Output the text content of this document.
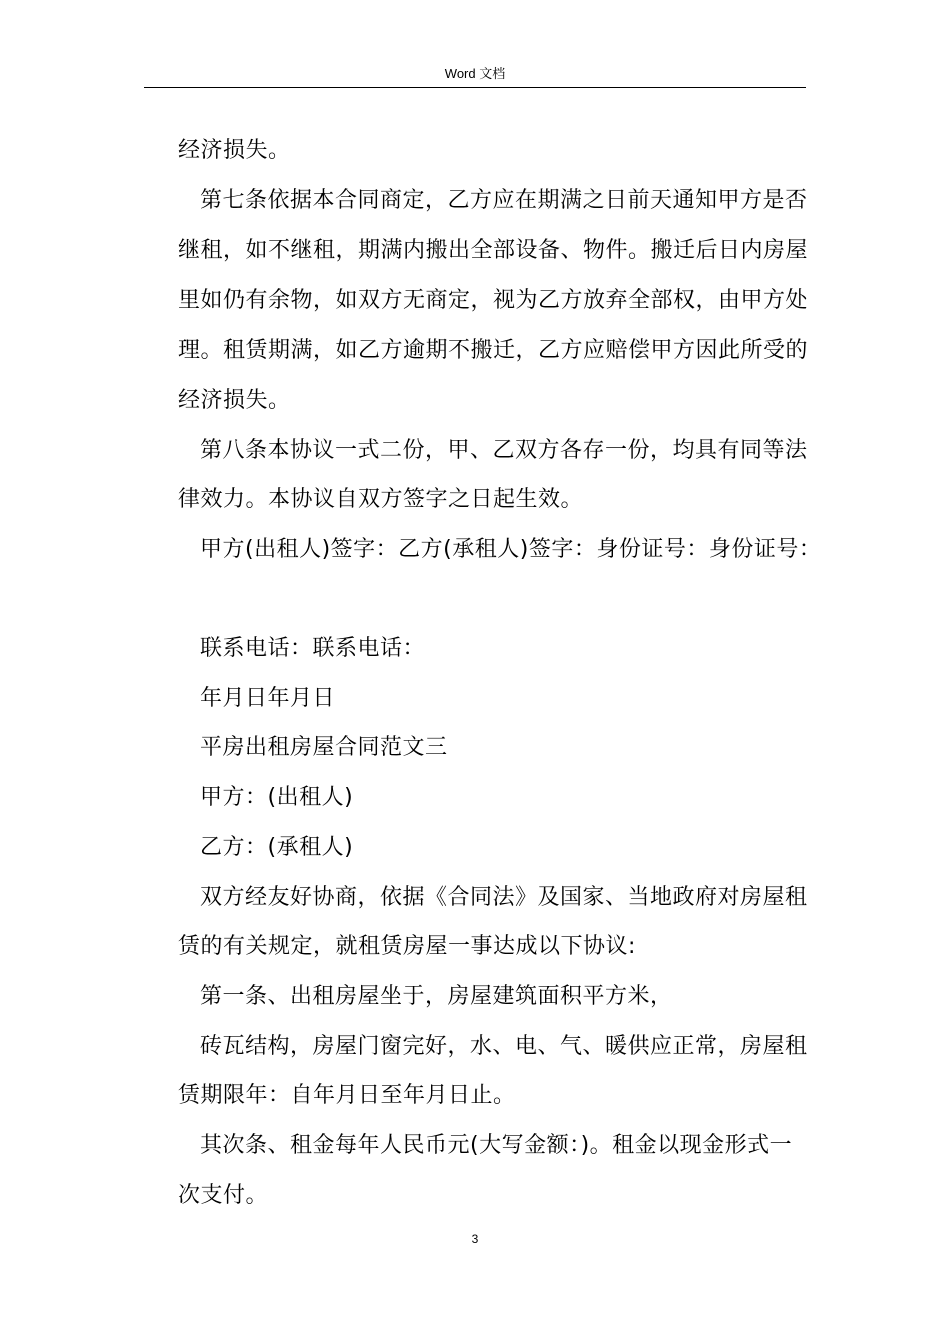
Word 文档
经济损失。
第七条依据本合同商定，乙方应在期满之日前天通知甲方是否
继租，如不继租，期满内搬出全部设备、物件。搬迁后日内房屋
里如仍有余物，如双方无商定，视为乙方放弃全部权，由甲方处
理。租赁期满，如乙方逾期不搬迁，乙方应赔偿甲方因此所受的
经济损失。
第八条本协议一式二份，甲、乙双方各存一份，均具有同等法
律效力。本协议自双方签字之日起生效。
甲方(出租人)签字：乙方(承租人)签字：身份证号：身份证号：
联系电话：联系电话：
年月日年月日
平房出租房屋合同范文三
甲方：(出租人)
乙方：(承租人)
双方经友好协商，依据《合同法》及国家、当地政府对房屋租
赁的有关规定，就租赁房屋一事达成以下协议:
第一条、出租房屋坐于，房屋建筑面积平方米，
砖瓦结构，房屋门窗完好，水、电、气、暖供应正常，房屋租
赁期限年：自年月日至年月日止。
其次条、租金每年人民币元(大写金额：)。租金以现金形式一
次支付。
3
